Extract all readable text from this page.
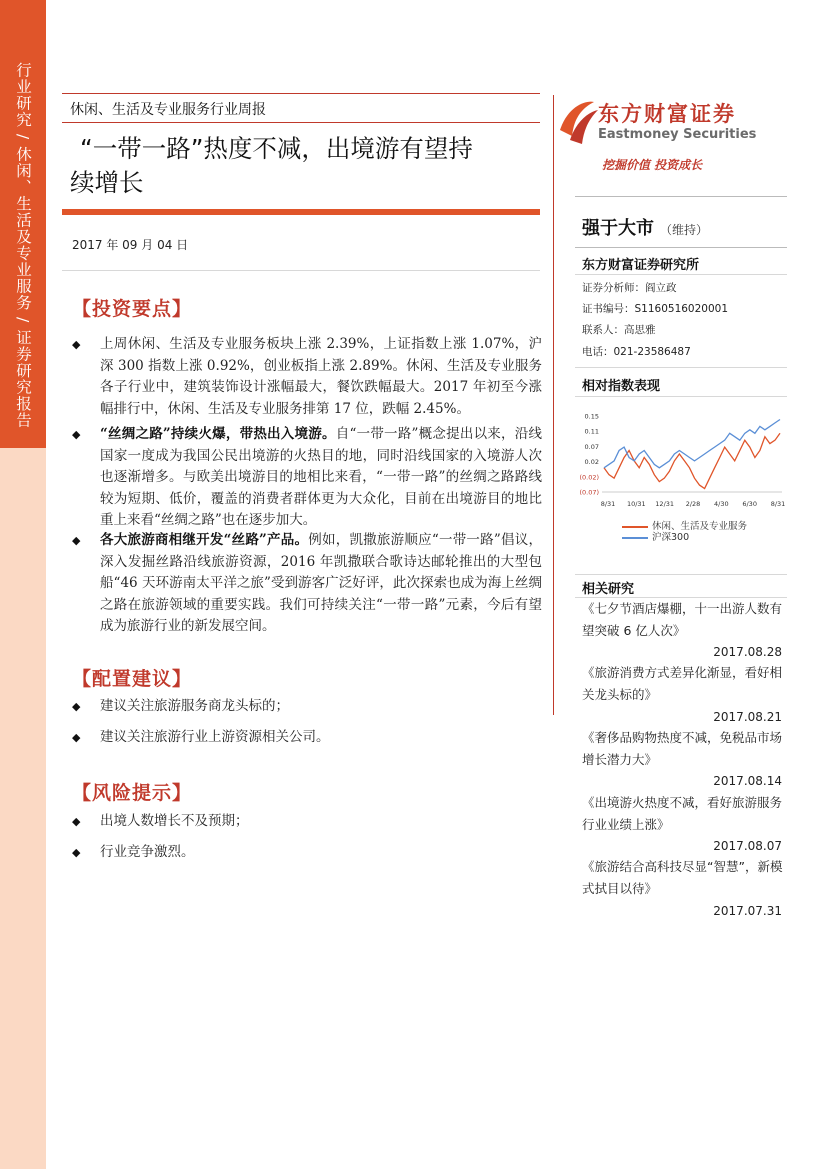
行业研究 / 休闲、生活及专业服务 / 证券研究报告	休闲、生活及专业服务行业周报
“一带一路”热度不减，出境游有望持
续增长
2017 年 09 月 04 日
【投资要点】
◆	上周休闲、生活及专业服务板块上涨 2.39%，上证指数上涨 1.07%，沪深 300 指数上涨 0.92%，创业板指上涨 2.89%。休闲、生活及专业服务各子行业中，建筑装饰设计涨幅最大，餐饮跌幅最大。2017 年初至今涨幅排行中，休闲、生活及专业服务排第 17 位，跌幅 2.45%。
◆	“丝绸之路”持续火爆，带热出入境游。自“一带一路”概念提出以来，沿线国家一度成为我国公民出境游的火热目的地，同时沿线国家的入境游人次也逐渐增多。与欧美出境游目的地相比来看，“一带一路”的丝绸之路路线较为短期、低价，覆盖的消费者群体更为大众化，目前在出境游目的地比重上来看“丝绸之路”也在逐步加大。
◆	各大旅游商相继开发“丝路”产品。例如，凯撒旅游顺应“一带一路”倡议，深入发掘丝路沿线旅游资源，2016 年凯撒联合歌诗达邮轮推出的大型包船“46 天环游南太平洋之旅”受到游客广泛好评，此次探索也成为海上丝绸之路在旅游领域的重要实践。我们可持续关注“一带一路”元素，今后有望成为旅游行业的新发展空间。
【配置建议】
◆	建议关注旅游服务商龙头标的；
◆	建议关注旅游行业上游资源相关公司。
【风险提示】
◆	出境人数增长不及预期；
◆	行业竞争激烈。
东方财富证券
Eastmoney Securities
挖掘价值 投资成长
强于大市 （维持）
东方财富证券研究所
证券分析师：阎立政
证书编号：S1160516020001
联系人：高思雅
电话：021-23586487
相对指数表现
0.15
0.11
0.07
0.02
(0.02)
(0.07)
8/31 10/31 12/31 2/28 4/30 6/30 8/31
休闲、生活及专业服务
沪深300
相关研究
《七夕节酒店爆棚，十一出游人数有望突破 6 亿人次》
2017.08.28
《旅游消费方式差异化渐显，看好相关龙头标的》
2017.08.21
《奢侈品购物热度不减，免税品市场增长潜力大》
2017.08.14
《出境游火热度不减，看好旅游服务行业业绩上涨》
2017.08.07
《旅游结合高科技尽显“智慧”，新模式拭目以待》
2017.07.31
